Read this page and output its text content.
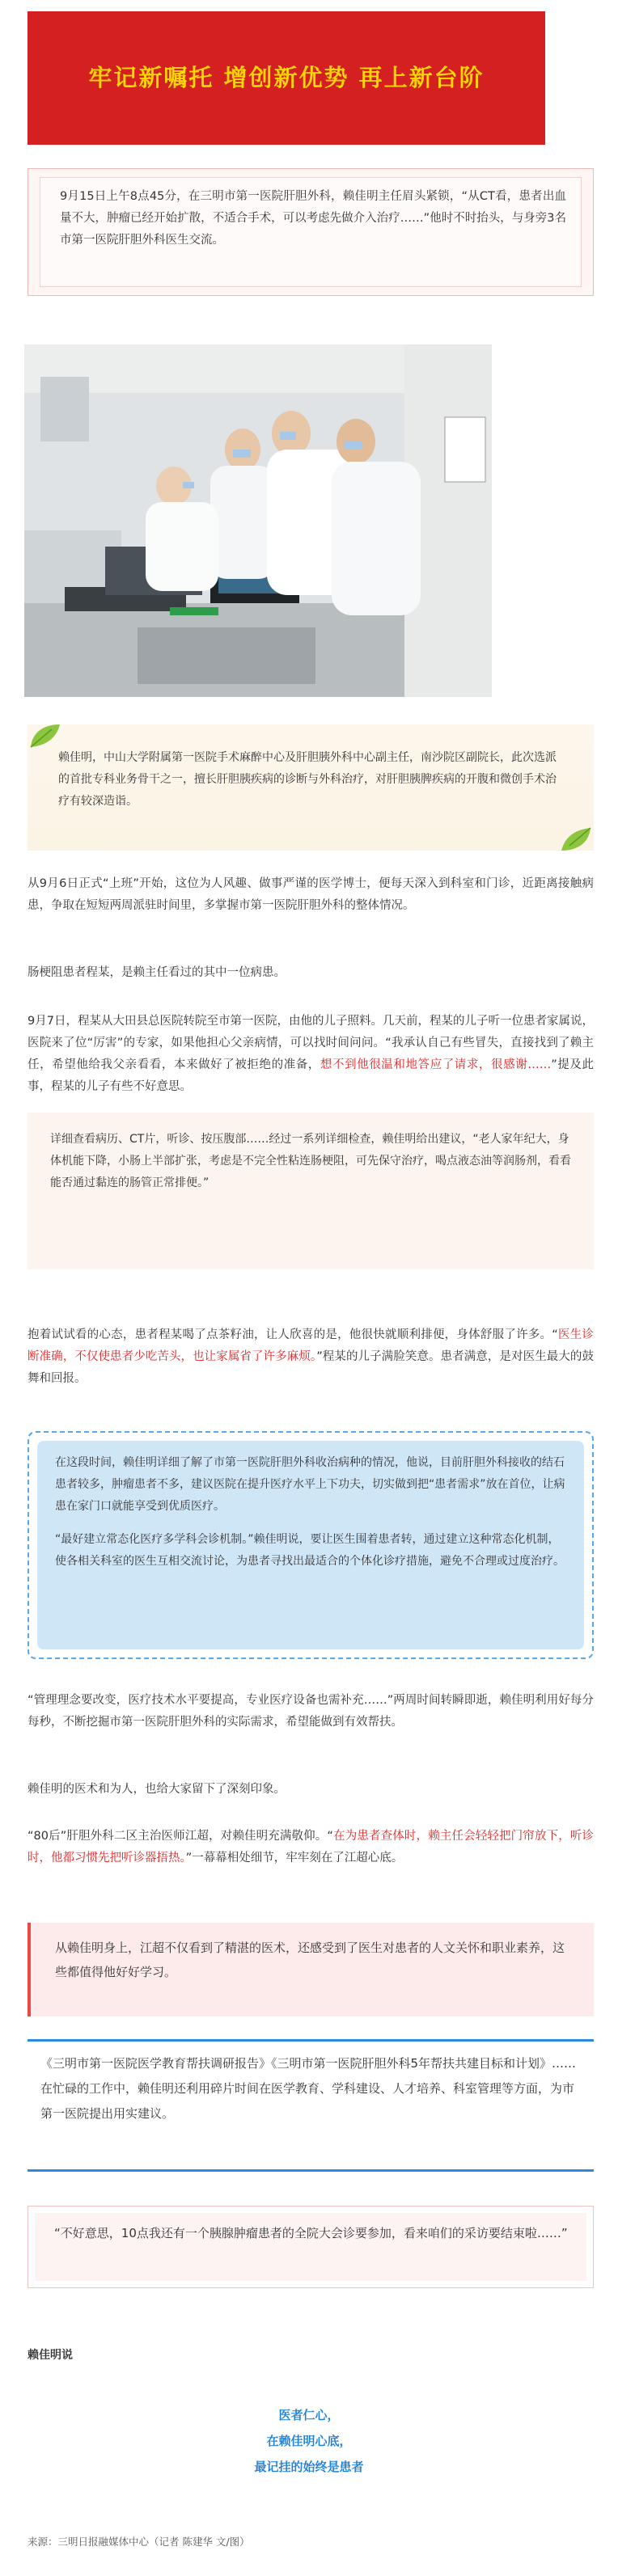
牢记新嘱托 增创新优势 再上新台阶
9月15日上午8点45分，在三明市第一医院肝胆外科，赖佳明主任眉头紧锁，“从CT看，患者出血量不大，肿瘤已经开始扩散，不适合手术，可以考虑先做介入治疗……”他时不时抬头，与身旁3名市第一医院肝胆外科医生交流。
赖佳明，中山大学附属第一医院手术麻醉中心及肝胆胰外科中心副主任，南沙院区副院长，此次选派的首批专科业务骨干之一，擅长肝胆胰疾病的诊断与外科治疗，对肝胆胰脾疾病的开腹和微创手术治疗有较深造诣。
从9月6日正式“上班”开始，这位为人风趣、做事严谨的医学博士，便每天深入到科室和门诊，近距离接触病患，争取在短短两周派驻时间里，多掌握市第一医院肝胆外科的整体情况。
肠梗阻患者程某，是赖主任看过的其中一位病患。
9月7日，程某从大田县总医院转院至市第一医院，由他的儿子照料。几天前，程某的儿子听一位患者家属说，医院来了位“厉害”的专家，如果他担心父亲病情，可以找时间问问。“我承认自己有些冒失，直接找到了赖主任，希望他给我父亲看看，本来做好了被拒绝的准备，想不到他很温和地答应了请求，很感谢……”提及此事，程某的儿子有些不好意思。
详细查看病历、CT片，听诊、按压腹部……经过一系列详细检查，赖佳明给出建议，“老人家年纪大，身体机能下降，小肠上半部扩张，考虑是不完全性粘连肠梗阻，可先保守治疗，喝点液态油等润肠剂，看看能否通过黏连的肠管正常排便。”
抱着试试看的心态，患者程某喝了点茶籽油，让人欣喜的是，他很快就顺利排便，身体舒服了许多。“医生诊断准确，不仅使患者少吃苦头，也让家属省了许多麻烦。”程某的儿子满脸笑意。患者满意，是对医生最大的鼓舞和回报。
在这段时间，赖佳明详细了解了市第一医院肝胆外科收治病种的情况，他说，目前肝胆外科接收的结石患者较多，肿瘤患者不多，建议医院在提升医疗水平上下功夫，切实做到把“患者需求”放在首位，让病患在家门口就能享受到优质医疗。
“最好建立常态化医疗多学科会诊机制。”赖佳明说，要让医生围着患者转，通过建立这种常态化机制，使各相关科室的医生互相交流讨论，为患者寻找出最适合的个体化诊疗措施，避免不合理或过度治疗。
“管理理念要改变，医疗技术水平要提高，专业医疗设备也需补充……”两周时间转瞬即逝，赖佳明利用好每分每秒，不断挖掘市第一医院肝胆外科的实际需求，希望能做到有效帮扶。
赖佳明的医术和为人，也给大家留下了深刻印象。
“80后”肝胆外科二区主治医师江超，对赖佳明充满敬仰。“在为患者查体时，赖主任会轻轻把门帘放下，听诊时，他都习惯先把听诊器捂热。”一幕幕相处细节，牢牢刻在了江超心底。
从赖佳明身上，江超不仅看到了精湛的医术，还感受到了医生对患者的人文关怀和职业素养，这些都值得他好好学习。
《三明市第一医院医学教育帮扶调研报告》《三明市第一医院肝胆外科5年帮扶共建目标和计划》……在忙碌的工作中，赖佳明还利用碎片时间在医学教育、学科建设、人才培养、科室管理等方面，为市第一医院提出用实建议。
“不好意思，10点我还有一个胰腺肿瘤患者的全院大会诊要参加，看来咱们的采访要结束啦……”
赖佳明说
医者仁心，
在赖佳明心底，
最记挂的始终是患者
来源：三明日报融媒体中心（记者 陈建华 文/图）
